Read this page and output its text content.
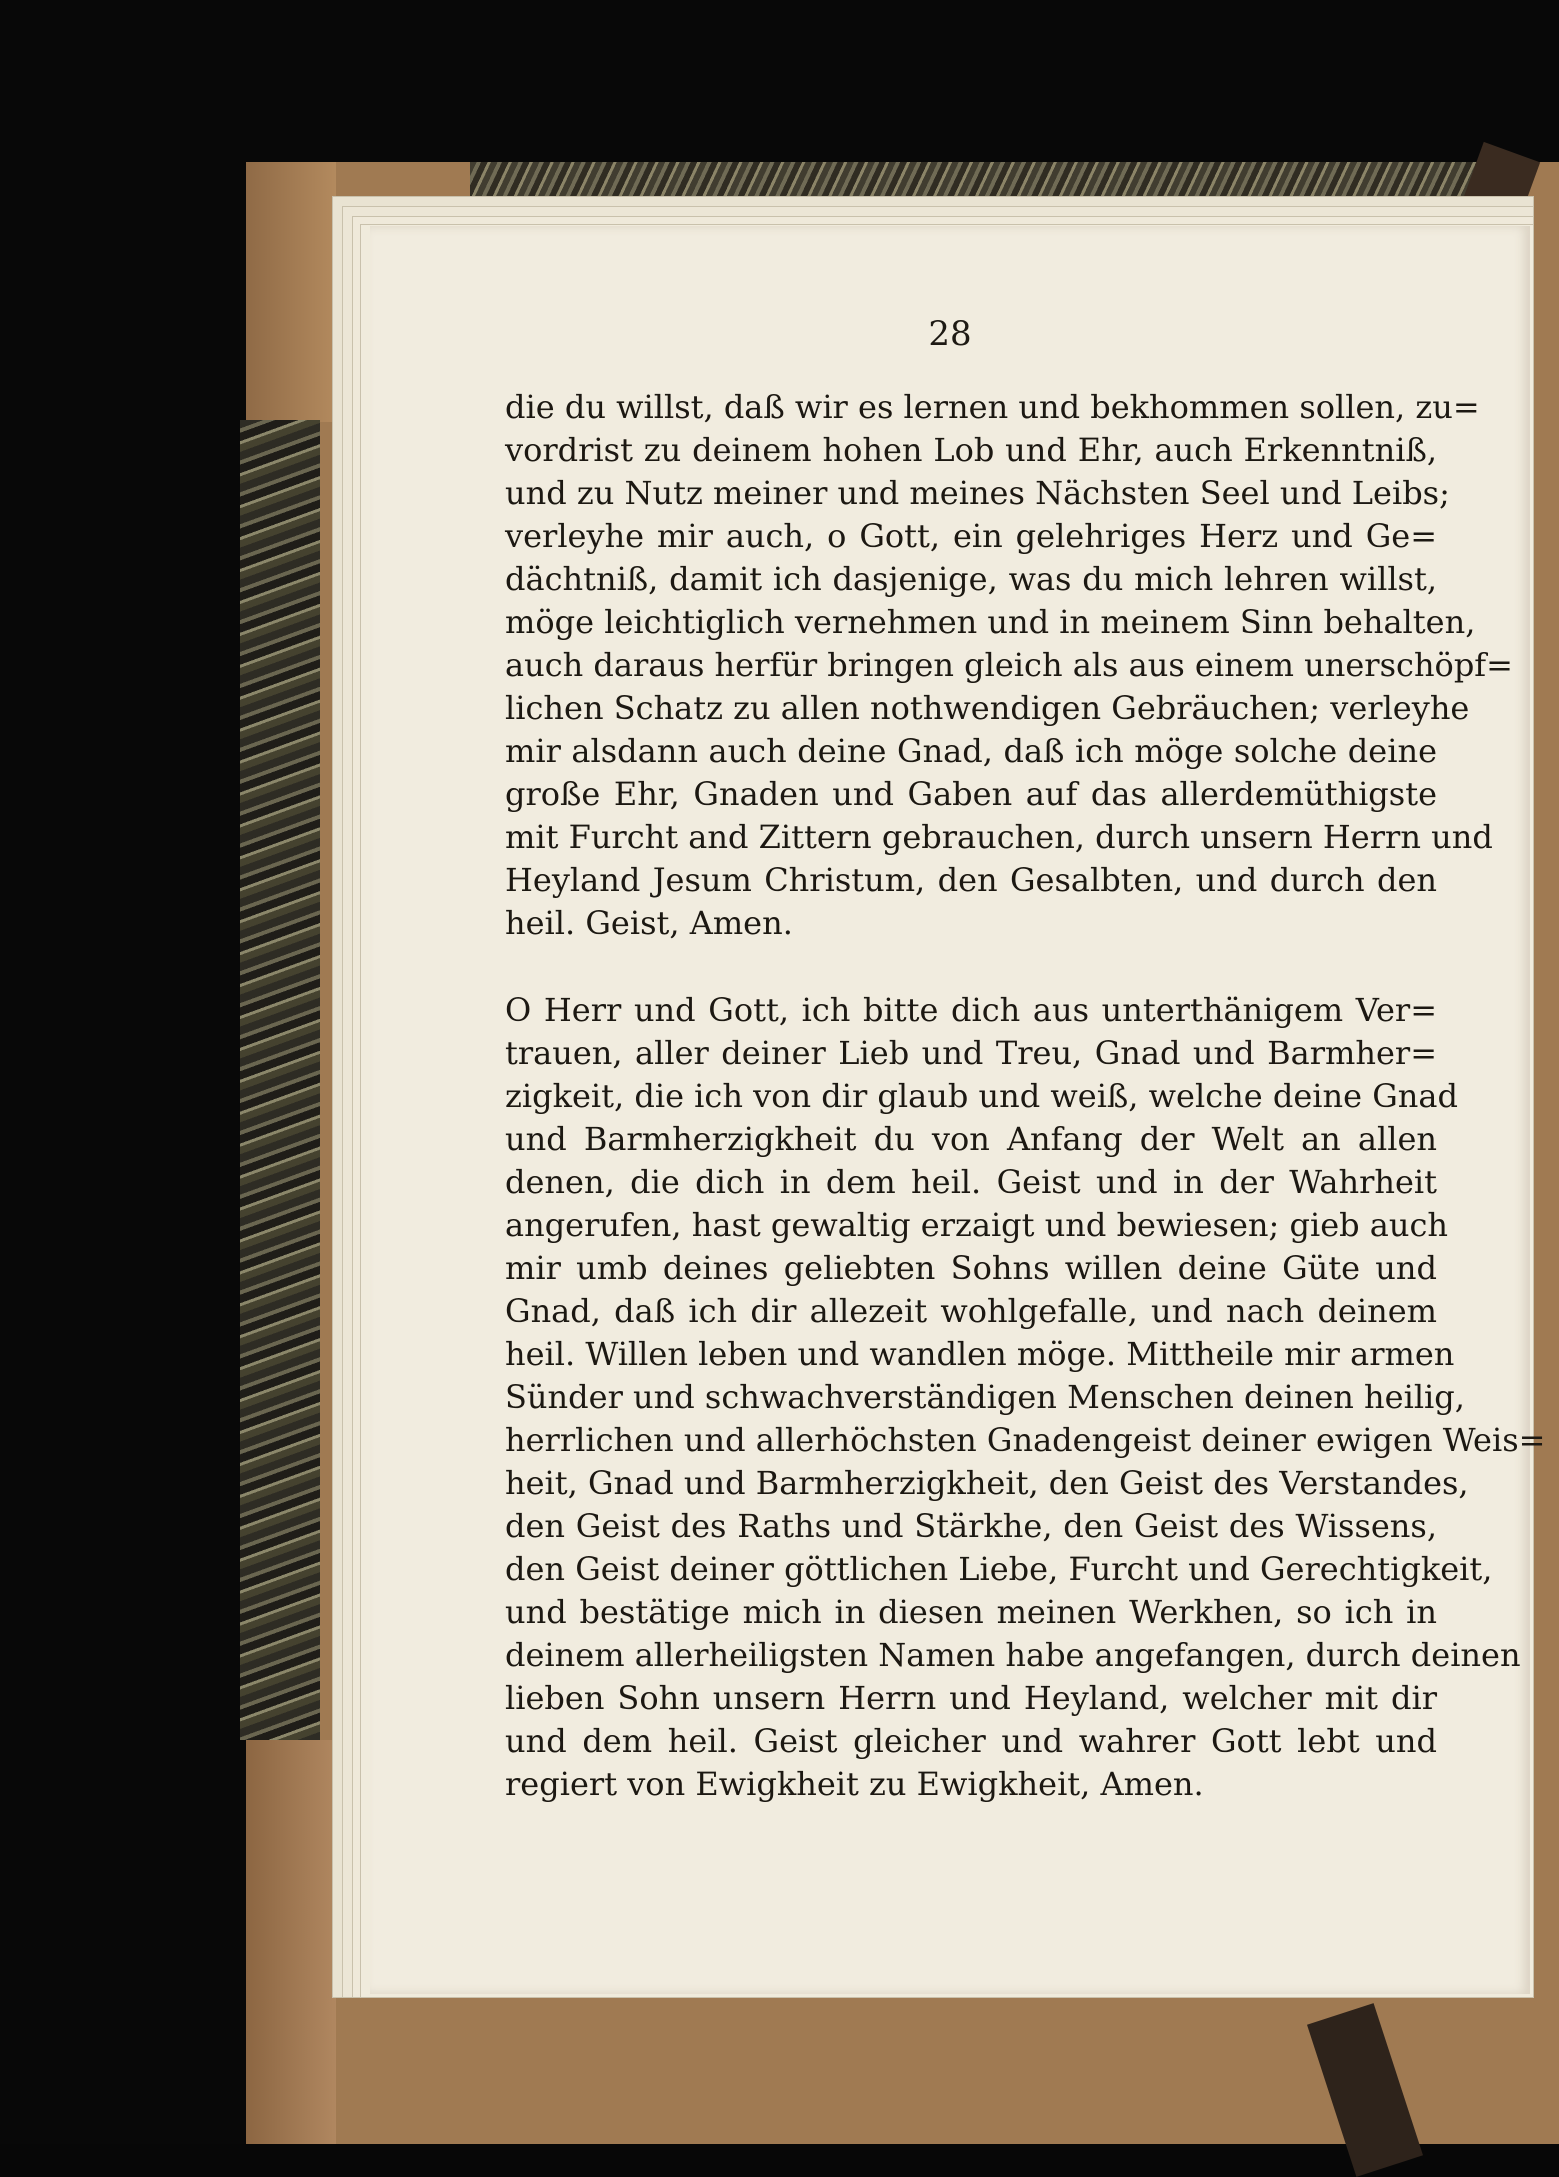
28
die du willst, daß wir es lernen und bekhommen sollen, zu=
vordrist zu deinem hohen Lob und Ehr, auch Erkenntniß,
und zu Nutz meiner und meines Nächsten Seel und Leibs;
verleyhe mir auch, o Gott, ein gelehriges Herz und Ge=
dächtniß, damit ich dasjenige, was du mich lehren willst,
möge leichtiglich vernehmen und in meinem Sinn behalten,
auch daraus herfür bringen gleich als aus einem unerschöpf=
lichen Schatz zu allen nothwendigen Gebräuchen; verleyhe
mir alsdann auch deine Gnad, daß ich möge solche deine
große Ehr, Gnaden und Gaben auf das allerdemüthigste
mit Furcht and Zittern gebrauchen, durch unsern Herrn und
Heyland Jesum Christum, den Gesalbten, und durch den
heil. Geist, Amen.
O Herr und Gott, ich bitte dich aus unterthänigem Ver=
trauen, aller deiner Lieb und Treu, Gnad und Barmher=
zigkeit, die ich von dir glaub und weiß, welche deine Gnad
und Barmherzigkheit du von Anfang der Welt an allen
denen, die dich in dem heil. Geist und in der Wahrheit
angerufen, hast gewaltig erzaigt und bewiesen; gieb auch
mir umb deines geliebten Sohns willen deine Güte und
Gnad, daß ich dir allezeit wohlgefalle, und nach deinem
heil. Willen leben und wandlen möge. Mittheile mir armen
Sünder und schwachverständigen Menschen deinen heilig,
herrlichen und allerhöchsten Gnadengeist deiner ewigen Weis=
heit, Gnad und Barmherzigkheit, den Geist des Verstandes,
den Geist des Raths und Stärkhe, den Geist des Wissens,
den Geist deiner göttlichen Liebe, Furcht und Gerechtigkeit,
und bestätige mich in diesen meinen Werkhen, so ich in
deinem allerheiligsten Namen habe angefangen, durch deinen
lieben Sohn unsern Herrn und Heyland, welcher mit dir
und dem heil. Geist gleicher und wahrer Gott lebt und
regiert von Ewigkheit zu Ewigkheit, Amen.
